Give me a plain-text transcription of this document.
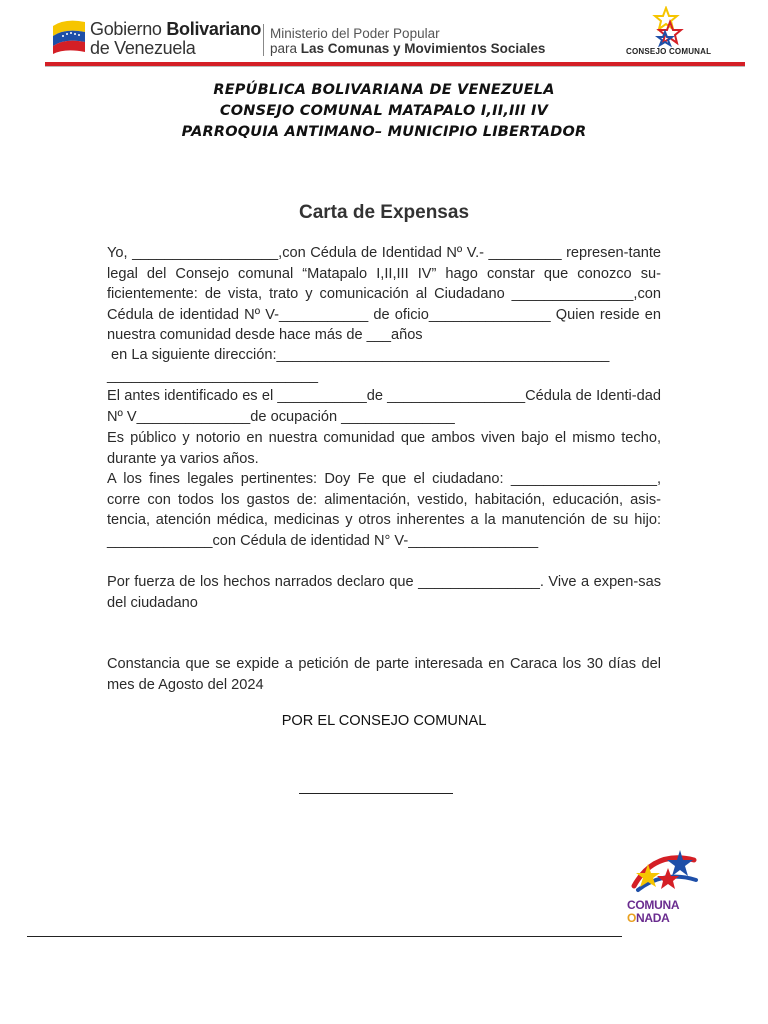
Gobierno Bolivariano
de Venezuela
Ministerio del Poder Popular
para Las Comunas y Movimientos Sociales	CONSEJO COMUNAL
REPÚBLICA BOLIVARIANA DE VENEZUELA
CONSEJO COMUNAL MATAPALO I,II,III IV
PARROQUIA ANTIMANO– MUNICIPIO LIBERTADOR
Carta de Expensas
Yo, __________________,con Cédula de Identidad Nº V.- _________ represen-tante legal del Consejo comunal “Matapalo I,II,III IV” hago constar que conozco su-ficientemente: de vista, trato y comunicación al Ciudadano _______________,con Cédula de identidad Nº V-___________ de oficio_______________ Quien reside en nuestra comunidad desde hace más de ___años
en La siguiente dirección:_________________________________________
__________________________
El antes identificado es el ___________de _________________Cédula de Identi-dad Nº V______________de ocupación ______________
Es público y notorio en nuestra comunidad que ambos viven bajo el mismo techo, durante ya varios años.
A los fines legales pertinentes: Doy Fe que el ciudadano: __________________, corre con todos los gastos de: alimentación, vestido, habitación, educación, asis-tencia, atención médica, medicinas y otros inherentes a la manutención de su hijo: _____________con Cédula de identidad N° V-________________
Por fuerza de los hechos narrados declaro que _______________. Vive a expen-sas del ciudadano
Constancia que se expide a petición de parte interesada en Caraca los 30 días del mes de Agosto del 2024
POR EL CONSEJO COMUNAL
COMUNA
ONADA
